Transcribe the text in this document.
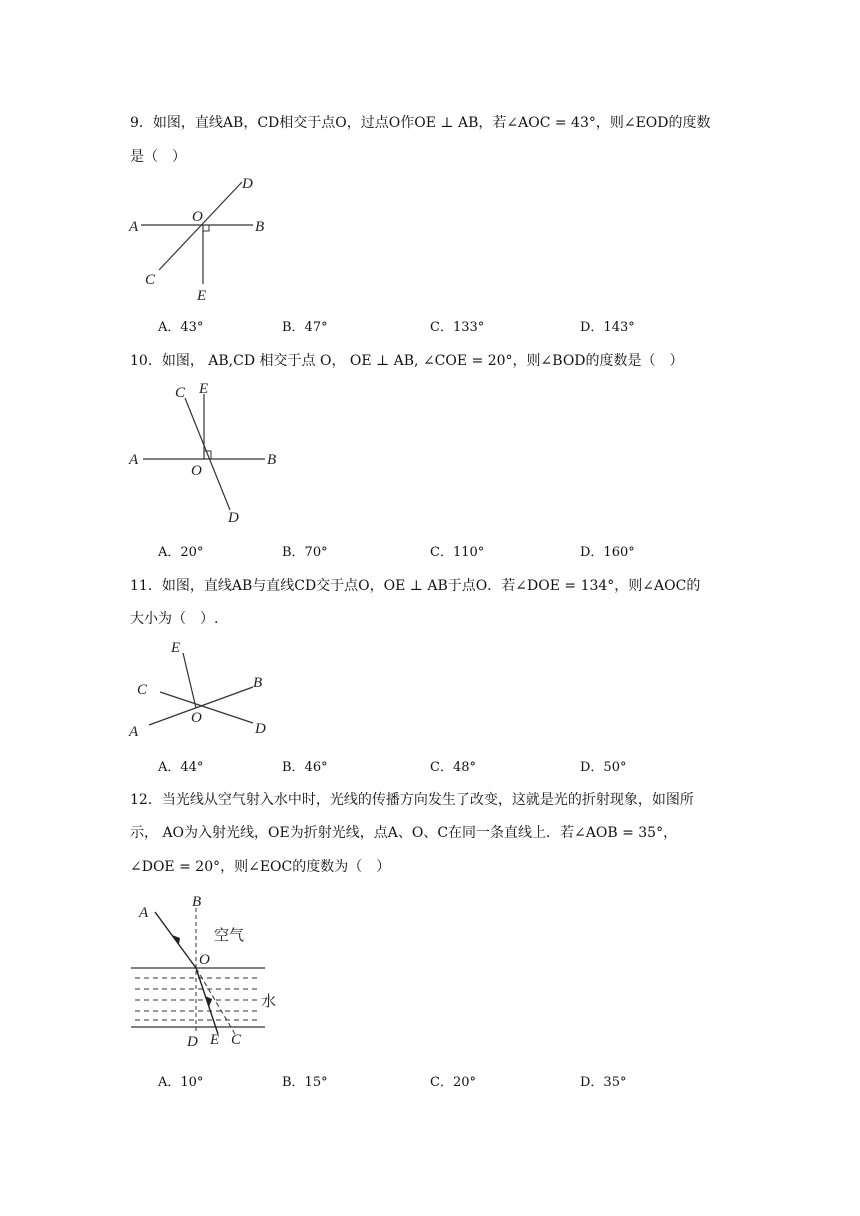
9．如图，直线AB，CD相交于点O，过点O作OE ⊥ AB，若∠AOC = 43°，则∠EOD的度数
是（　）
A	B
D
C
O
E
A．43°	B．47°	C．133°	D．143°
10．如图， AB,CD 相交于点 O， OE ⊥ AB, ∠COE = 20°，则∠BOD的度数是（　）
C E
A
O
B
D
A．20°	B．70°	C．110°	D．160°
11．如图，直线AB与直线CD交于点O，OE ⊥ AB于点O．若∠DOE = 134°，则∠AOC的
大小为（　）.
E
C	B
O
A	D
A．44°	B．46°	C．48°	D．50°
12．当光线从空气射入水中时，光线的传播方向发生了改变，这就是光的折射现象，如图所
示， AO为入射光线，OE为折射光线，点A、O、C在同一条直线上．若∠AOB = 35°，
∠DOE = 20°，则∠EOC的度数为（　）
A
B
空气
O
水
D E C
A．10°	B．15°	C．20°	D．35°
